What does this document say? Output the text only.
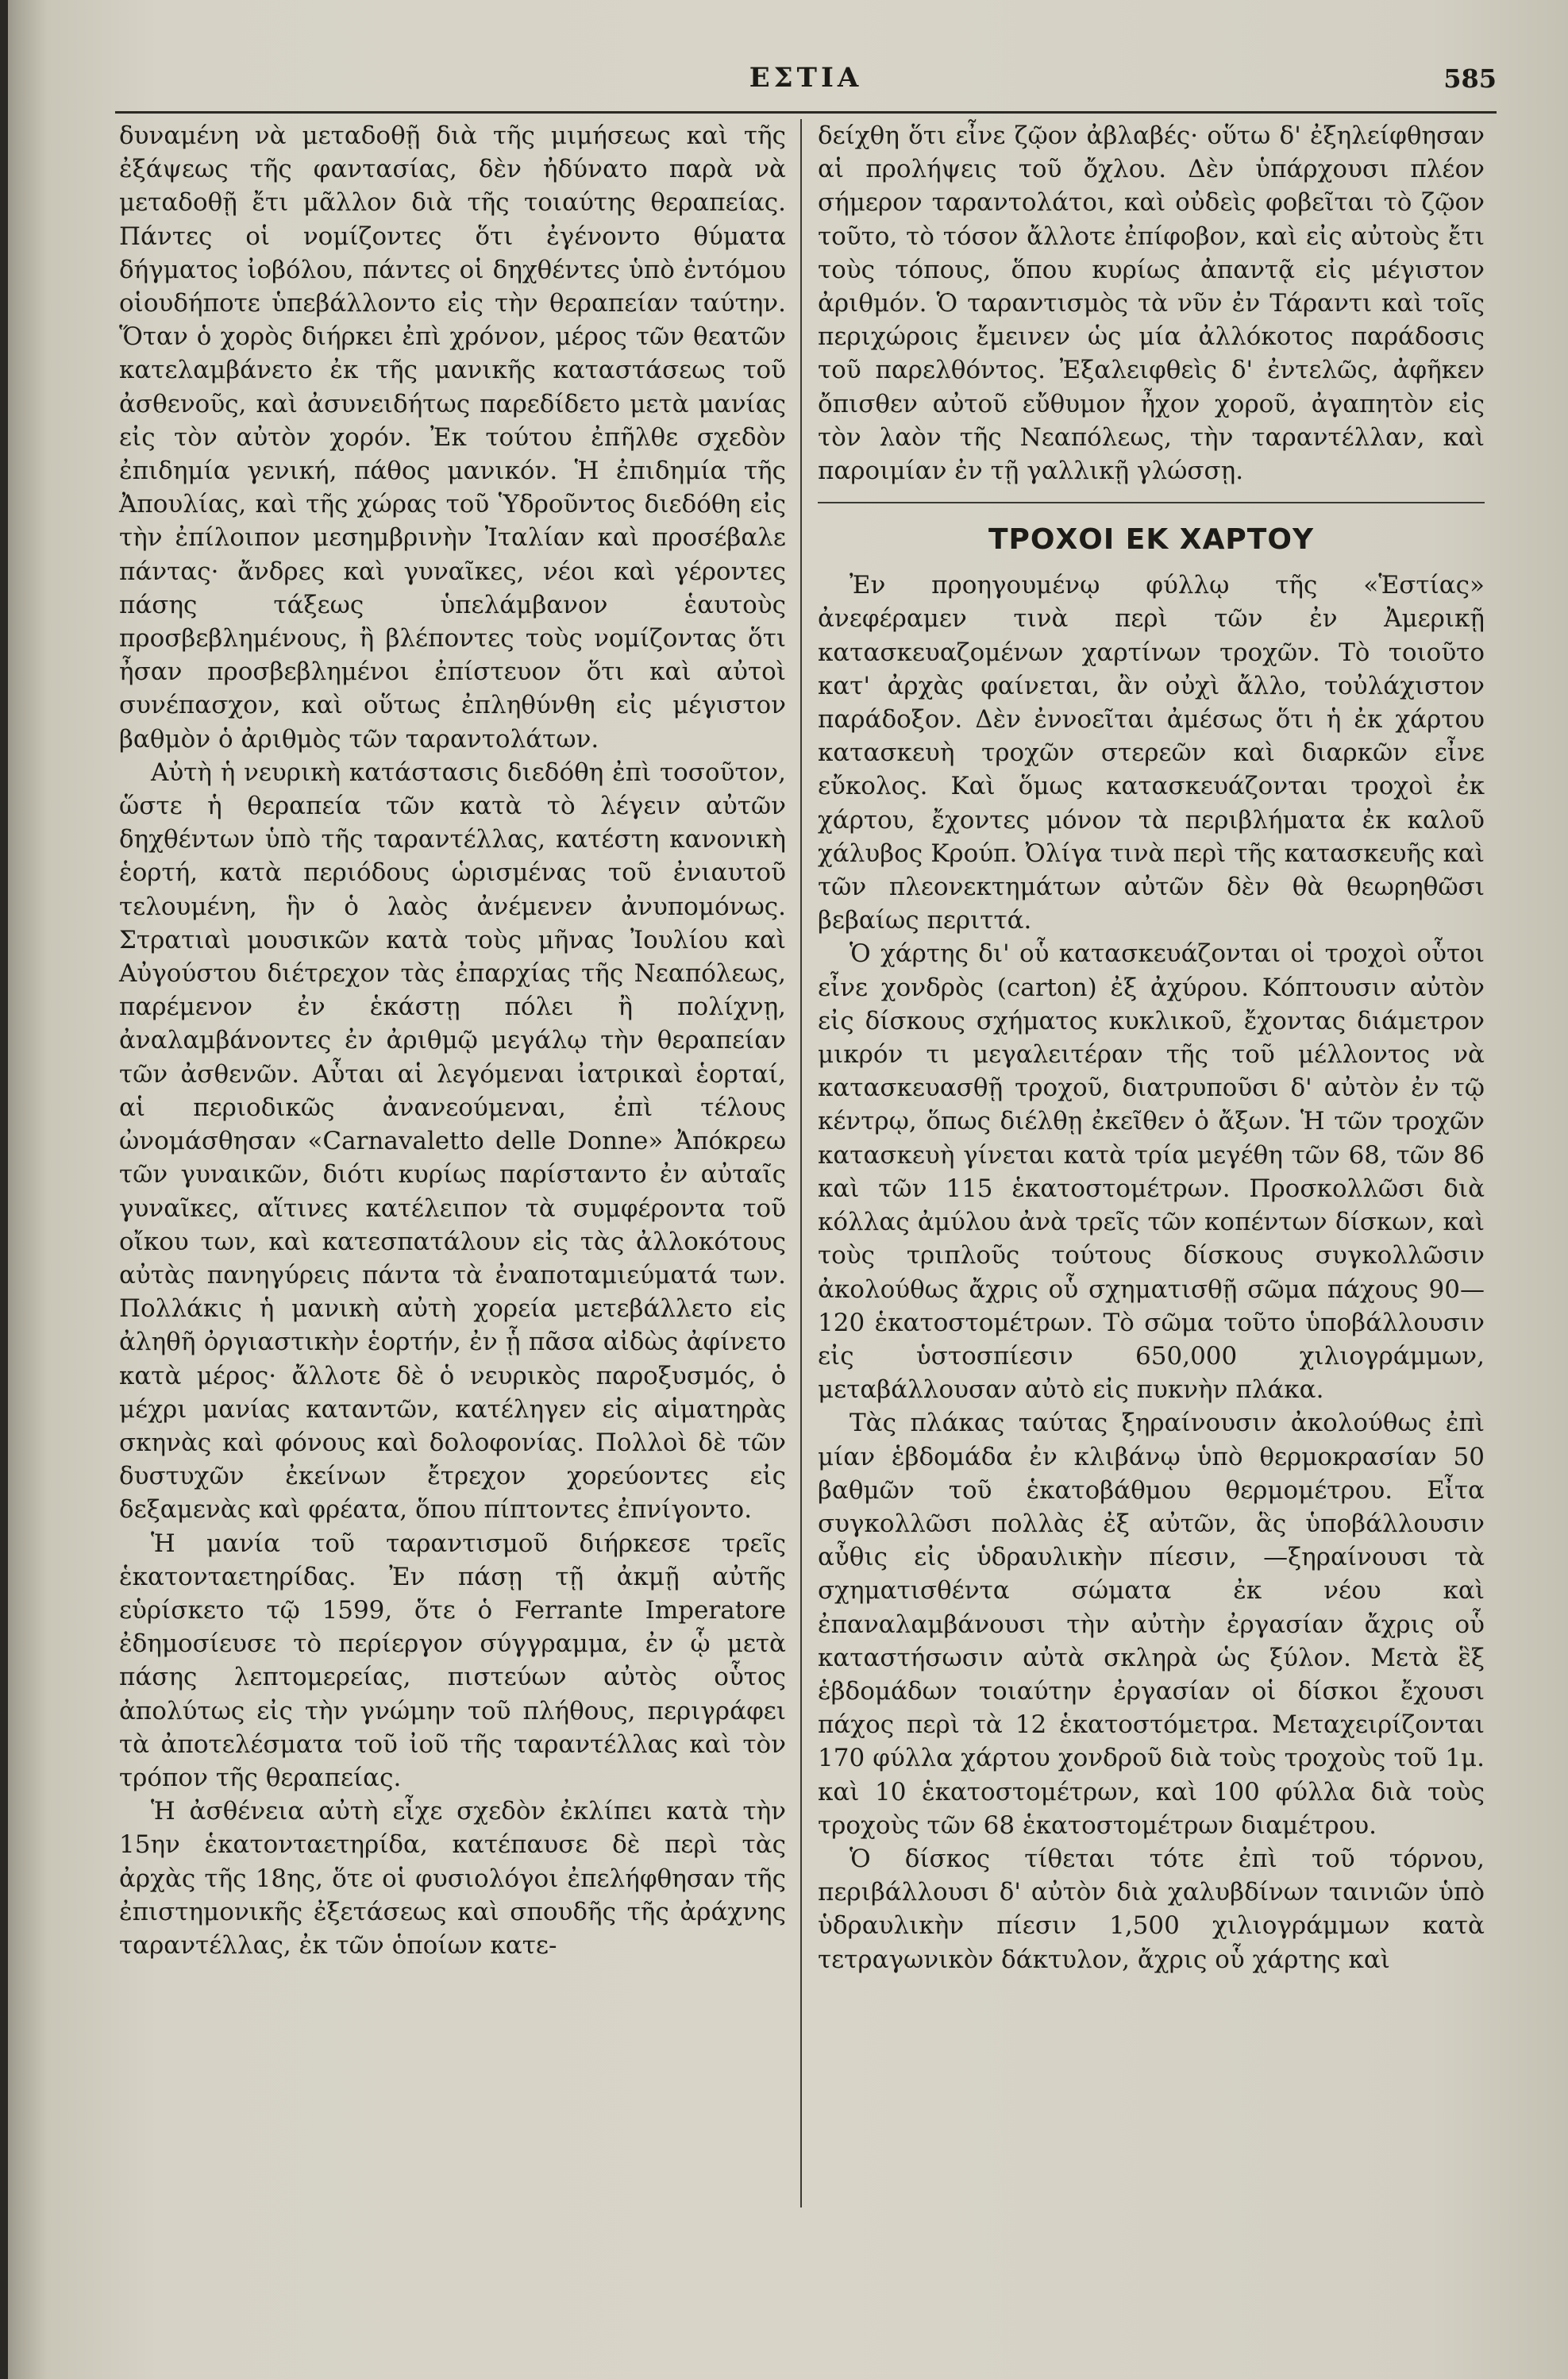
ΕΣΤΙΑ	585

δυναμένη νὰ μεταδοθῇ διὰ τῆς μιμήσεως καὶ τῆς ἐξάψεως τῆς φαντασίας, δὲν ἠδύνατο παρὰ νὰ μεταδοθῇ ἔτι μᾶλλον διὰ τῆς τοιαύτης θεραπείας. Πάντες οἱ νομίζοντες ὅτι ἐγένοντο θύματα δήγματος ἰοβόλου, πάντες οἱ δηχθέντες ὑπὸ ἐντόμου οἱουδήποτε ὑπεβάλλοντο εἰς τὴν θεραπείαν ταύτην. Ὅταν ὁ χορὸς διήρκει ἐπὶ χρόνον, μέρος τῶν θεατῶν κατελαμβάνετο ἐκ τῆς μανικῆς καταστάσεως τοῦ ἀσθενοῦς, καὶ ἀσυνειδήτως παρεδίδετο μετὰ μανίας εἰς τὸν αὐτὸν χορόν. Ἐκ τούτου ἐπῆλθε σχεδὸν ἐπιδημία γενική, πάθος μανικόν. Ἡ ἐπιδημία τῆς Ἀπουλίας, καὶ τῆς χώρας τοῦ Ὑδροῦντος διεδόθη εἰς τὴν ἐπίλοιπον μεσημβρινὴν Ἰταλίαν καὶ προσέβαλε πάντας· ἄνδρες καὶ γυναῖκες, νέοι καὶ γέροντες πάσης τάξεως ὑπελάμβανον ἑαυτοὺς προσβεβλημένους, ἢ βλέποντες τοὺς νομίζοντας ὅτι ἦσαν προσβεβλημένοι ἐπίστευον ὅτι καὶ αὐτοὶ συνέπασχον, καὶ οὕτως ἐπληθύνθη εἰς μέγιστον βαθμὸν ὁ ἀριθμὸς τῶν ταραντολάτων.

Αὐτὴ ἡ νευρικὴ κατάστασις διεδόθη ἐπὶ τοσοῦτον, ὥστε ἡ θεραπεία τῶν κατὰ τὸ λέγειν αὐτῶν δηχθέντων ὑπὸ τῆς ταραντέλλας, κατέστη κανονικὴ ἑορτή, κατὰ περιόδους ὡρισμένας τοῦ ἐνιαυτοῦ τελουμένη, ἣν ὁ λαὸς ἀνέμενεν ἀνυπομόνως. Στρατιαὶ μουσικῶν κατὰ τοὺς μῆνας Ἰουλίου καὶ Αὐγούστου διέτρεχον τὰς ἐπαρχίας τῆς Νεαπόλεως, παρέμενον ἐν ἑκάστῃ πόλει ἢ πολίχνῃ, ἀναλαμβάνοντες ἐν ἀριθμῷ μεγάλῳ τὴν θεραπείαν τῶν ἀσθενῶν. Αὗται αἱ λεγόμεναι ἰατρικαὶ ἑορταί, αἱ περιοδικῶς ἀνανεούμεναι, ἐπὶ τέλους ὠνομάσθησαν «Carnavaletto delle Donne» Ἀπόκρεω τῶν γυναικῶν, διότι κυρίως παρίσταντο ἐν αὐταῖς γυναῖκες, αἵτινες κατέλειπον τὰ συμφέροντα τοῦ οἴκου των, καὶ κατεσπατάλουν εἰς τὰς ἀλλοκότους αὐτὰς πανηγύρεις πάντα τὰ ἐναποταμιεύματά των. Πολλάκις ἡ μανικὴ αὐτὴ χορεία μετεβάλλετο εἰς ἀληθῆ ὀργιαστικὴν ἑορτήν, ἐν ᾗ πᾶσα αἰδὼς ἀφίνετο κατὰ μέρος· ἄλλοτε δὲ ὁ νευρικὸς παροξυσμός, ὁ μέχρι μανίας καταντῶν, κατέληγεν εἰς αἱματηρὰς σκηνὰς καὶ φόνους καὶ δολοφονίας. Πολλοὶ δὲ τῶν δυστυχῶν ἐκείνων ἔτρεχον χορεύοντες εἰς δεξαμενὰς καὶ φρέατα, ὅπου πίπτοντες ἐπνίγοντο.

Ἡ μανία τοῦ ταραντισμοῦ διήρκεσε τρεῖς ἑκατονταετηρίδας. Ἐν πάσῃ τῇ ἀκμῇ αὐτῆς εὑρίσκετο τῷ 1599, ὅτε ὁ Ferrante Imperatore ἐδημοσίευσε τὸ περίεργον σύγγραμμα, ἐν ᾧ μετὰ πάσης λεπτομερείας, πιστεύων αὐτὸς οὗτος ἀπολύτως εἰς τὴν γνώμην τοῦ πλήθους, περιγράφει τὰ ἀποτελέσματα τοῦ ἰοῦ τῆς ταραντέλλας καὶ τὸν τρόπον τῆς θεραπείας.

Ἡ ἀσθένεια αὐτὴ εἶχε σχεδὸν ἐκλίπει κατὰ τὴν 15ην ἑκατονταετηρίδα, κατέπαυσε δὲ περὶ τὰς ἀρχὰς τῆς 18ης, ὅτε οἱ φυσιολόγοι ἐπελήφθησαν τῆς ἐπιστημονικῆς ἐξετάσεως καὶ σπουδῆς τῆς ἀράχνης ταραντέλλας, ἐκ τῶν ὁποίων κατε-

δείχθη ὅτι εἶνε ζῷον ἀβλαβές· οὕτω δ' ἐξηλείφθησαν αἱ προλήψεις τοῦ ὄχλου. Δὲν ὑπάρχουσι πλέον σήμερον ταραντολάτοι, καὶ οὐδεὶς φοβεῖται τὸ ζῷον τοῦτο, τὸ τόσον ἄλλοτε ἐπίφοβον, καὶ εἰς αὐτοὺς ἔτι τοὺς τόπους, ὅπου κυρίως ἀπαντᾷ εἰς μέγιστον ἀριθμόν. Ὁ ταραντισμὸς τὰ νῦν ἐν Τάραντι καὶ τοῖς περιχώροις ἔμεινεν ὡς μία ἀλλόκοτος παράδοσις τοῦ παρελθόντος. Ἐξαλειφθεὶς δ' ἐντελῶς, ἀφῆκεν ὄπισθεν αὐτοῦ εὔθυμον ἦχον χοροῦ, ἀγαπητὸν εἰς τὸν λαὸν τῆς Νεαπόλεως, τὴν ταραντέλλαν, καὶ παροιμίαν ἐν τῇ γαλλικῇ γλώσσῃ.

ΤΡΟΧΟΙ ΕΚ ΧΑΡΤΟΥ

Ἐν προηγουμένῳ φύλλῳ τῆς «Ἑστίας» ἀνεφέραμεν τινὰ περὶ τῶν ἐν Ἀμερικῇ κατασκευαζομένων χαρτίνων τροχῶν. Τὸ τοιοῦτο κατ' ἀρχὰς φαίνεται, ἂν οὐχὶ ἄλλο, τοὐλάχιστον παράδοξον. Δὲν ἐννοεῖται ἀμέσως ὅτι ἡ ἐκ χάρτου κατασκευὴ τροχῶν στερεῶν καὶ διαρκῶν εἶνε εὔκολος. Καὶ ὅμως κατασκευάζονται τροχοὶ ἐκ χάρτου, ἔχοντες μόνον τὰ περιβλήματα ἐκ καλοῦ χάλυβος Κρούπ. Ὀλίγα τινὰ περὶ τῆς κατασκευῆς καὶ τῶν πλεονεκτημάτων αὐτῶν δὲν θὰ θεωρηθῶσι βεβαίως περιττά.

Ὁ χάρτης δι' οὗ κατασκευάζονται οἱ τροχοὶ οὗτοι εἶνε χονδρὸς (carton) ἐξ ἀχύρου. Κόπτουσιν αὐτὸν εἰς δίσκους σχήματος κυκλικοῦ, ἔχοντας διάμετρον μικρόν τι μεγαλειτέραν τῆς τοῦ μέλλοντος νὰ κατασκευασθῇ τροχοῦ, διατρυποῦσι δ' αὐτὸν ἐν τῷ κέντρῳ, ὅπως διέλθῃ ἐκεῖθεν ὁ ἄξων. Ἡ τῶν τροχῶν κατασκευὴ γίνεται κατὰ τρία μεγέθη τῶν 68, τῶν 86 καὶ τῶν 115 ἑκατοστομέτρων. Προσκολλῶσι διὰ κόλλας ἀμύλου ἀνὰ τρεῖς τῶν κοπέντων δίσκων, καὶ τοὺς τριπλοῦς τούτους δίσκους συγκολλῶσιν ἀκολούθως ἄχρις οὗ σχηματισθῇ σῶμα πάχους 90—120 ἑκατοστομέτρων. Τὸ σῶμα τοῦτο ὑποβάλλουσιν εἰς ὑστοσπίεσιν 650,000 χιλιογράμμων, μεταβάλλουσαν αὐτὸ εἰς πυκνὴν πλάκα.

Τὰς πλάκας ταύτας ξηραίνουσιν ἀκολούθως ἐπὶ μίαν ἑβδομάδα ἐν κλιβάνῳ ὑπὸ θερμοκρασίαν 50 βαθμῶν τοῦ ἑκατοβάθμου θερμομέτρου. Εἶτα συγκολλῶσι πολλὰς ἐξ αὐτῶν, ἃς ὑποβάλλουσιν αὖθις εἰς ὑδραυλικὴν πίεσιν, —ξηραίνουσι τὰ σχηματισθέντα σώματα ἐκ νέου καὶ ἐπαναλαμβάνουσι τὴν αὐτὴν ἐργασίαν ἄχρις οὗ καταστήσωσιν αὐτὰ σκληρὰ ὡς ξύλον. Μετὰ ἓξ ἑβδομάδων τοιαύτην ἐργασίαν οἱ δίσκοι ἔχουσι πάχος περὶ τὰ 12 ἑκατοστόμετρα. Μεταχειρίζονται 170 φύλλα χάρτου χονδροῦ διὰ τοὺς τροχοὺς τοῦ 1μ. καὶ 10 ἑκατοστομέτρων, καὶ 100 φύλλα διὰ τοὺς τροχοὺς τῶν 68 ἑκατοστομέτρων διαμέτρου.

Ὁ δίσκος τίθεται τότε ἐπὶ τοῦ τόρνου, περιβάλλουσι δ' αὐτὸν διὰ χαλυβδίνων ταινιῶν ὑπὸ ὑδραυλικὴν πίεσιν 1,500 χιλιογράμμων κατὰ τετραγωνικὸν δάκτυλον, ἄχρις οὗ χάρτης καὶ
